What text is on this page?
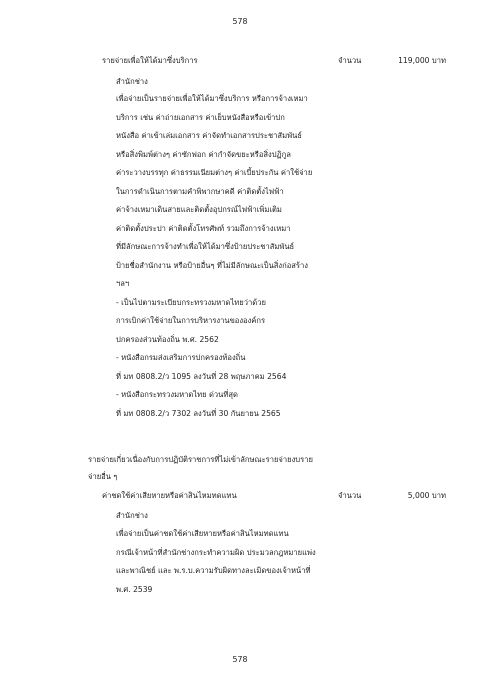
578
รายจ่ายเพื่อให้ได้มาซึ่งบริการ	จำนวน	119,000 บาท
สำนักช่าง
เพื่อจ่ายเป็นรายจ่ายเพื่อให้ได้มาซึ่งบริการ หรือการจ้างเหมา
บริการ เช่น ค่าถ่ายเอกสาร ค่าเย็บหนังสือหรือเข้าปก
หนังสือ ค่าเข้าเล่มเอกสาร ค่าจัดทำเอกสารประชาสัมพันธ์
หรือสิ่งพิมพ์ต่างๆ ค่าซักฟอก ค่ากำจัดขยะหรือสิ่งปฏิกูล
ค่าระวางบรรทุก ค่าธรรมเนียมต่างๆ ค่าเบี้ยประกัน ค่าใช้จ่าย
ในการดำเนินการตามคำพิพากษาคดี ค่าติดตั้งไฟฟ้า
ค่าจ้างเหมาเดินสายและติดตั้งอุปกรณ์ไฟฟ้าเพิ่มเติม
ค่าติดตั้งประปา ค่าติดตั้งโทรศัพท์ รวมถึงการจ้างเหมา
ที่มีลักษณะการจ้างทำเพื่อให้ได้มาซึ่งป้ายประชาสัมพันธ์
ป้ายชื่อสำนักงาน หรือป้ายอื่นๆ ที่ไม่มีลักษณะเป็นสิ่งก่อสร้าง
ฯลฯ
- เป็นไปตามระเบียบกระทรวงมหาดไทยว่าด้วย
การเบิกค่าใช้จ่ายในการบริหารงานขององค์กร
ปกครองส่วนท้องถิ่น พ.ศ. 2562
- หนังสือกรมส่งเสริมการปกครองท้องถิ่น
ที่ มท 0808.2/ว 1095 ลงวันที่ 28 พฤษภาคม 2564
- หนังสือกระทรวงมหาดไทย ด่วนที่สุด
ที่ มท 0808.2/ว 7302 ลงวันที่ 30 กันยายน 2565
รายจ่ายเกี่ยวเนื่องกับการปฏิบัติราชการที่ไม่เข้าลักษณะรายจ่ายงบราย
จ่ายอื่น ๆ
ค่าชดใช้ค่าเสียหายหรือค่าสินไหมทดแทน	จำนวน	5,000 บาท
สำนักช่าง
เพื่อจ่ายเป็นค่าชดใช้ค่าเสียหายหรือค่าสินไหมทดแทน
กรณีเจ้าหน้าที่สำนักช่างกระทำความผิด ประมวลกฎหมายแพ่ง
และพาณิชย์ และ พ.ร.บ.ความรับผิดทางละเมิดของเจ้าหน้าที่
พ.ศ. 2539
578
